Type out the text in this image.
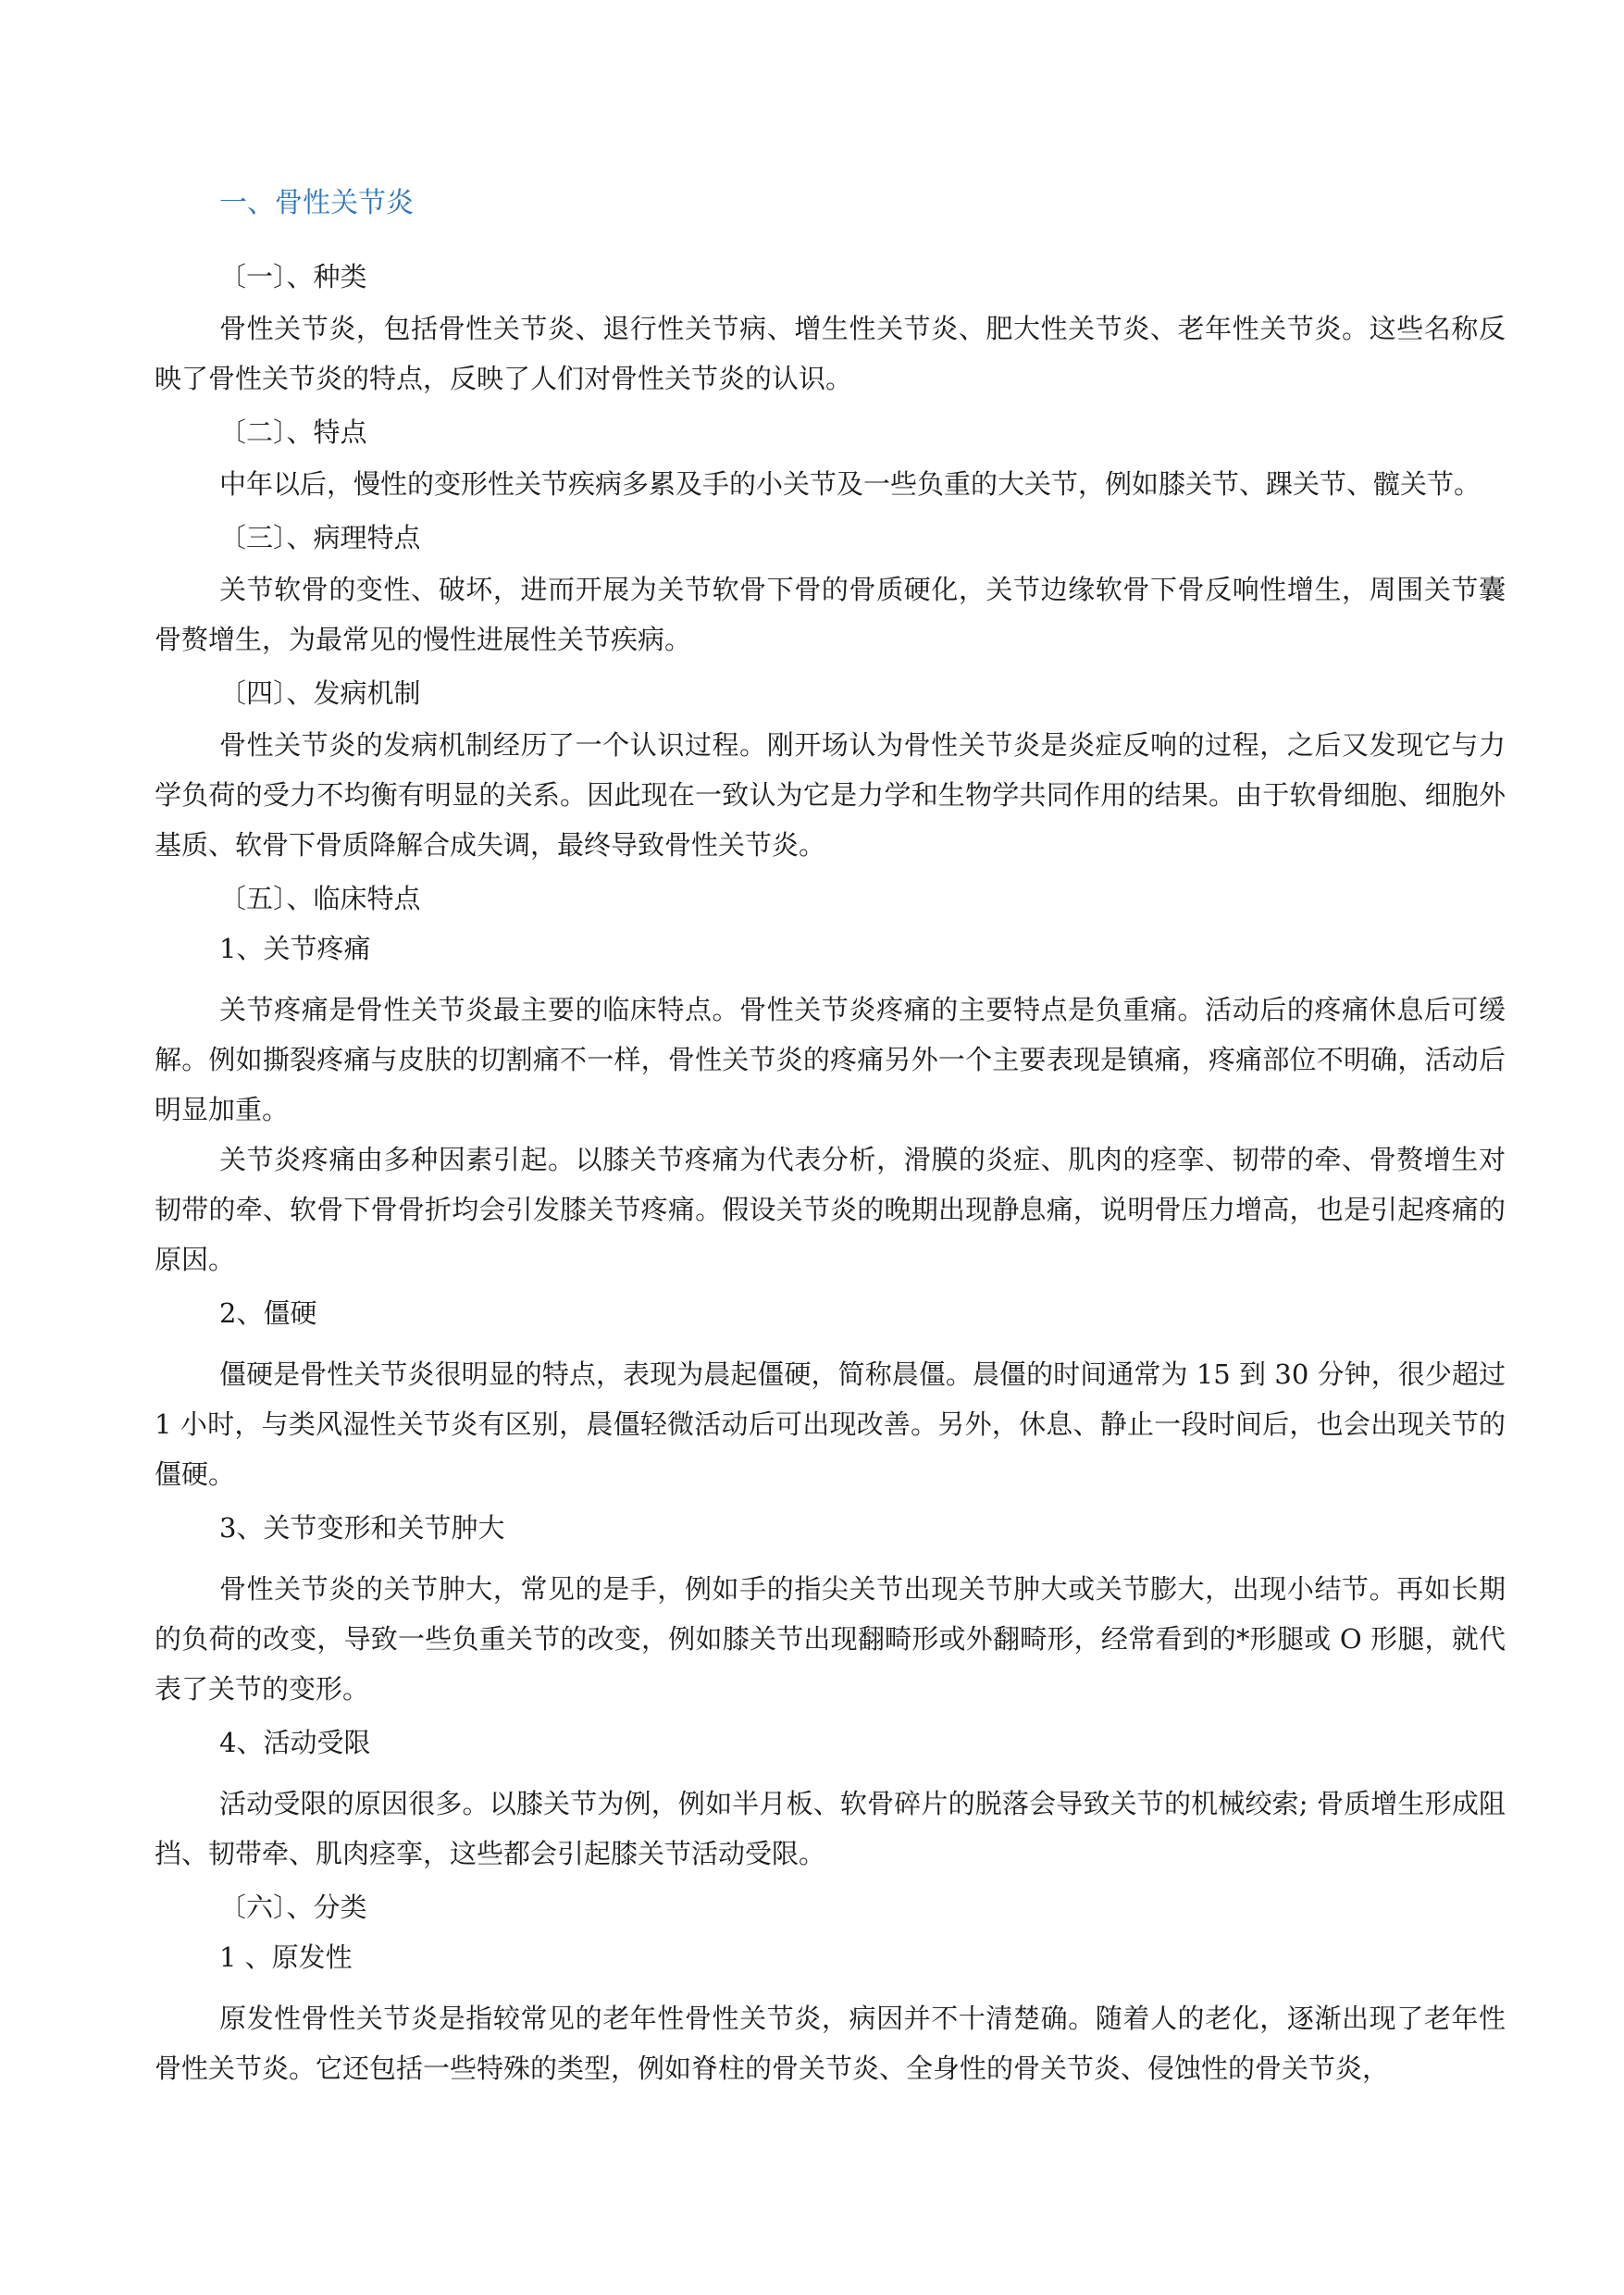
一、骨性关节炎
〔一〕、种类

骨性关节炎，包括骨性关节炎、退行性关节病、增生性关节炎、肥大性关节炎、老年性关节炎。这些名称反映了骨性关节炎的特点，反映了人们对骨性关节炎的认识。

〔二〕、特点

中年以后，慢性的变形性关节疾病多累及手的小关节及一些负重的大关节，例如膝关节、踝关节、髋关节。

〔三〕、病理特点

关节软骨的变性、破坏，进而开展为关节软骨下骨的骨质硬化，关节边缘软骨下骨反响性增生，周围关节囊骨赘增生，为最常见的慢性进展性关节疾病。

〔四〕、发病机制

骨性关节炎的发病机制经历了一个认识过程。刚开场认为骨性关节炎是炎症反响的过程，之后又发现它与力学负荷的受力不均衡有明显的关系。因此现在一致认为它是力学和生物学共同作用的结果。由于软骨细胞、细胞外基质、软骨下骨质降解合成失调，最终导致骨性关节炎。

〔五〕、临床特点
1、关节疼痛

关节疼痛是骨性关节炎最主要的临床特点。骨性关节炎疼痛的主要特点是负重痛。活动后的疼痛休息后可缓解。例如撕裂疼痛与皮肤的切割痛不一样，骨性关节炎的疼痛另外一个主要表现是镇痛，疼痛部位不明确，活动后明显加重。

关节炎疼痛由多种因素引起。以膝关节疼痛为代表分析，滑膜的炎症、肌肉的痉挛、韧带的牵、骨赘增生对韧带的牵、软骨下骨骨折均会引发膝关节疼痛。假设关节炎的晚期出现静息痛，说明骨压力增高，也是引起疼痛的原因。

2、僵硬

僵硬是骨性关节炎很明显的特点，表现为晨起僵硬，简称晨僵。晨僵的时间通常为 15 到 30 分钟，很少超过 1 小时，与类风湿性关节炎有区别，晨僵轻微活动后可出现改善。另外，休息、静止一段时间后，也会出现关节的僵硬。

3、关节变形和关节肿大

骨性关节炎的关节肿大，常见的是手，例如手的指尖关节出现关节肿大或关节膨大，出现小结节。再如长期的负荷的改变，导致一些负重关节的改变，例如膝关节出现翻畸形或外翻畸形，经常看到的*形腿或 O 形腿，就代表了关节的变形。

4、活动受限

活动受限的原因很多。以膝关节为例，例如半月板、软骨碎片的脱落会导致关节的机械绞索; 骨质增生形成阻挡、韧带牵、肌肉痉挛，这些都会引起膝关节活动受限。

〔六〕、分类
1 、原发性

原发性骨性关节炎是指较常见的老年性骨性关节炎，病因并不十清楚确。随着人的老化，逐渐出现了老年性骨性关节炎。它还包括一些特殊的类型，例如脊柱的骨关节炎、全身性的骨关节炎、侵蚀性的骨关节炎，
